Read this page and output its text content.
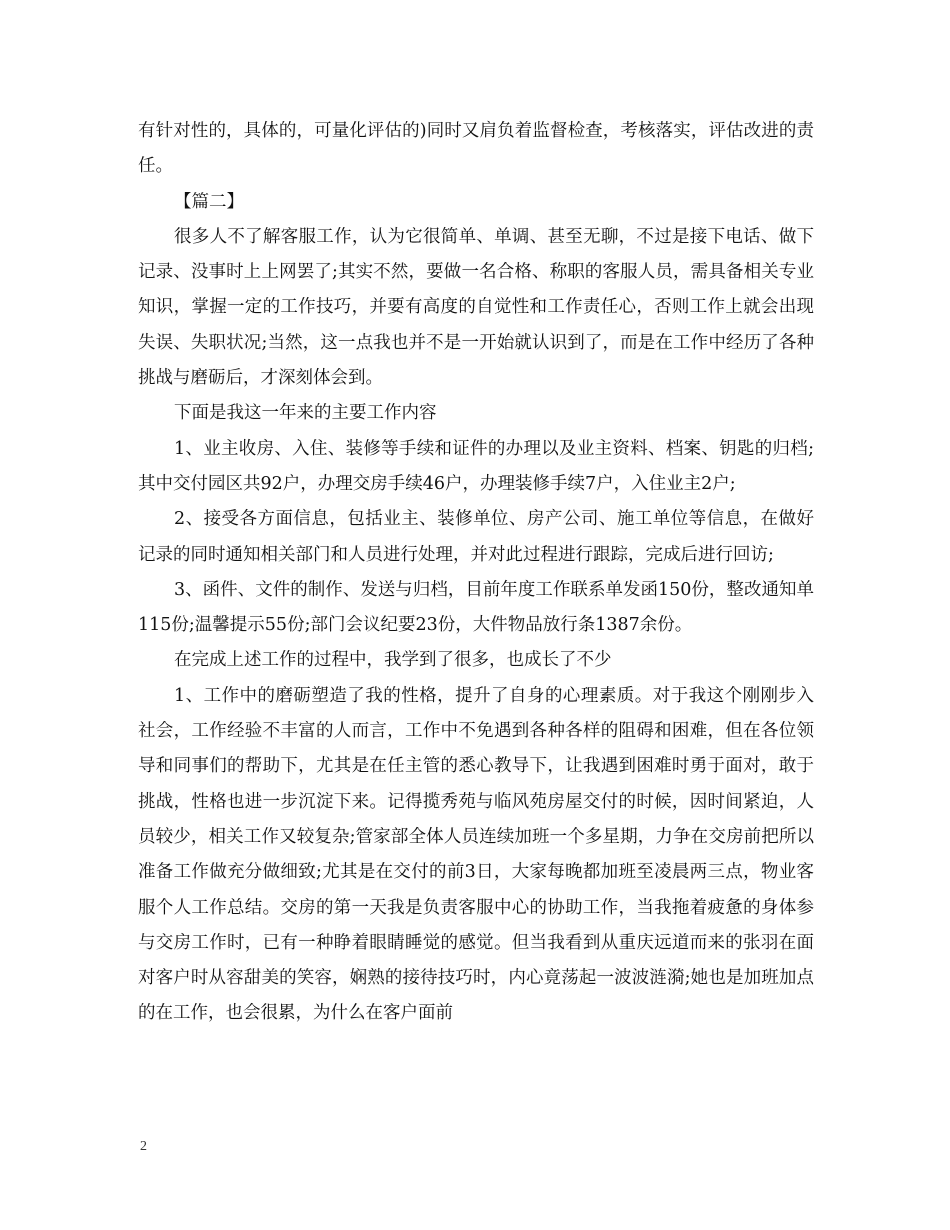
有针对性的，具体的，可量化评估的)同时又肩负着监督检查，考核落实，评估改进的责任。

【篇二】

很多人不了解客服工作，认为它很简单、单调、甚至无聊，不过是接下电话、做下记录、没事时上上网罢了;其实不然，要做一名合格、称职的客服人员，需具备相关专业知识，掌握一定的工作技巧，并要有高度的自觉性和工作责任心，否则工作上就会出现失误、失职状况;当然，这一点我也并不是一开始就认识到了，而是在工作中经历了各种挑战与磨砺后，才深刻体会到。

下面是我这一年来的主要工作内容

1、业主收房、入住、装修等手续和证件的办理以及业主资料、档案、钥匙的归档;其中交付园区共92户，办理交房手续46户，办理装修手续7户，入住业主2户;

2、接受各方面信息，包括业主、装修单位、房产公司、施工单位等信息，在做好记录的同时通知相关部门和人员进行处理，并对此过程进行跟踪，完成后进行回访;

3、函件、文件的制作、发送与归档，目前年度工作联系单发函150份，整改通知单115份;温馨提示55份;部门会议纪要23份，大件物品放行条1387余份。

在完成上述工作的过程中，我学到了很多，也成长了不少

1、工作中的磨砺塑造了我的性格，提升了自身的心理素质。对于我这个刚刚步入社会，工作经验不丰富的人而言，工作中不免遇到各种各样的阻碍和困难，但在各位领导和同事们的帮助下，尤其是在任主管的悉心教导下，让我遇到困难时勇于面对，敢于挑战，性格也进一步沉淀下来。记得揽秀苑与临风苑房屋交付的时候，因时间紧迫，人员较少，相关工作又较复杂;管家部全体人员连续加班一个多星期，力争在交房前把所以准备工作做充分做细致;尤其是在交付的前3日，大家每晚都加班至凌晨两三点，物业客服个人工作总结。交房的第一天我是负责客服中心的协助工作，当我拖着疲惫的身体参与交房工作时，已有一种睁着眼睛睡觉的感觉。但当我看到从重庆远道而来的张羽在面对客户时从容甜美的笑容，娴熟的接待技巧时，内心竟荡起一波波涟漪;她也是加班加点的在工作，也会很累，为什么在客户面前

2
